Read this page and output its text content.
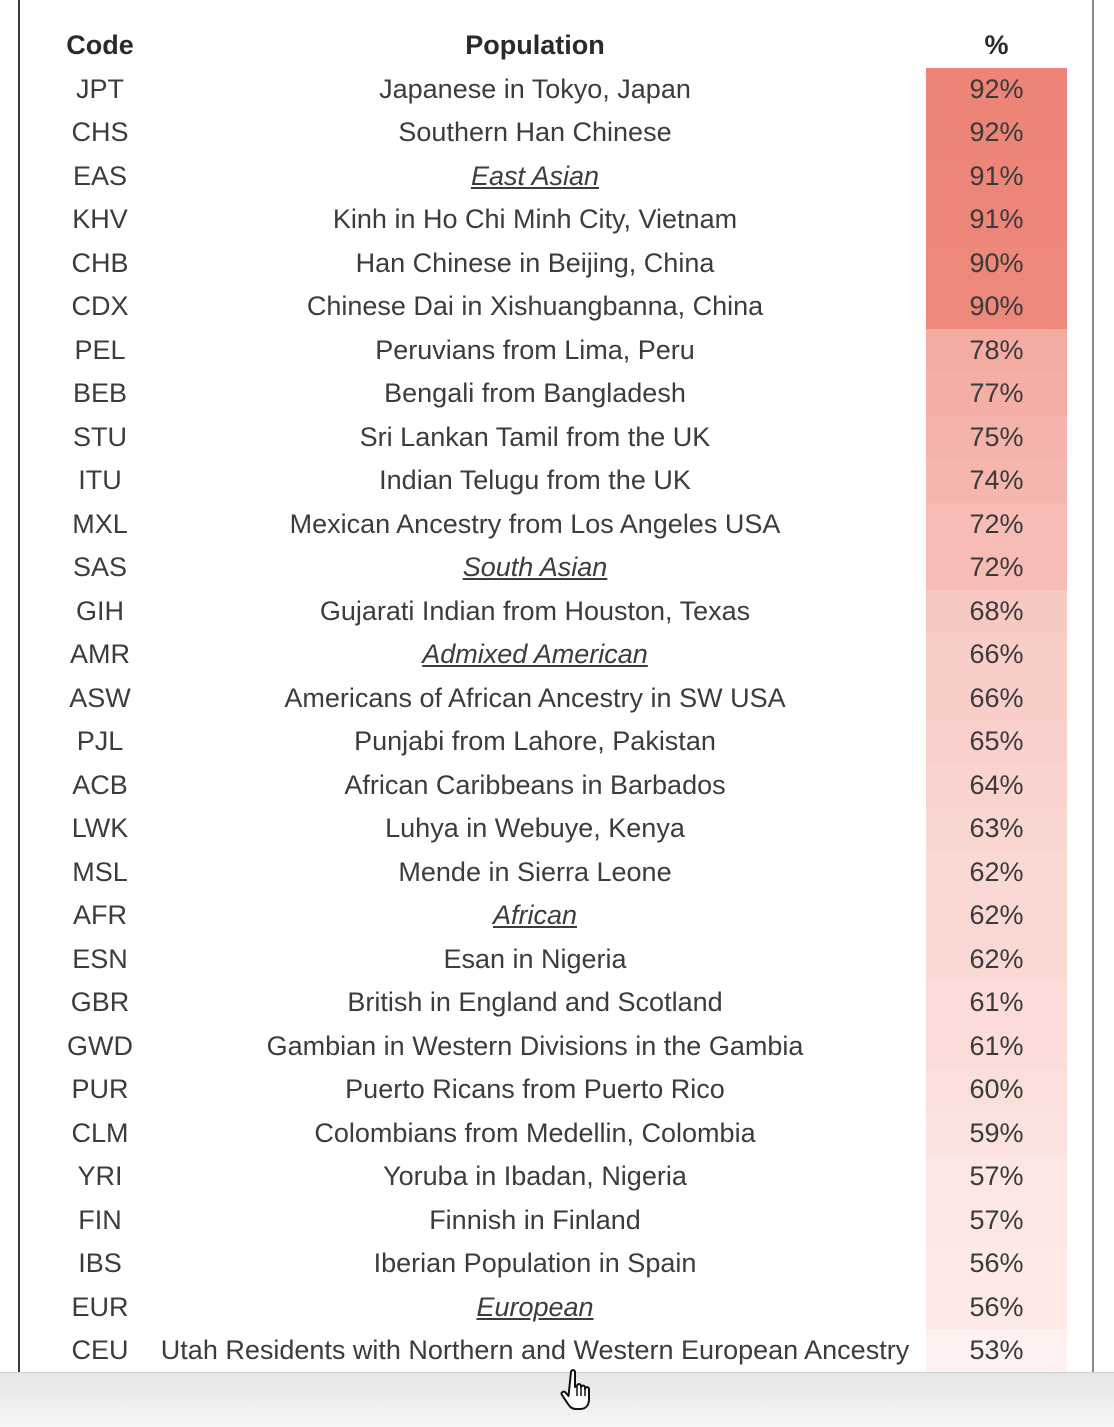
Code	Population	%
JPT	Japanese in Tokyo, Japan	92%
CHS	Southern Han Chinese	92%
EAS	East Asian	91%
KHV	Kinh in Ho Chi Minh City, Vietnam	91%
CHB	Han Chinese in Beijing, China	90%
CDX	Chinese Dai in Xishuangbanna, China	90%
PEL	Peruvians from Lima, Peru	78%
BEB	Bengali from Bangladesh	77%
STU	Sri Lankan Tamil from the UK	75%
ITU	Indian Telugu from the UK	74%
MXL	Mexican Ancestry from Los Angeles USA	72%
SAS	South Asian	72%
GIH	Gujarati Indian from Houston, Texas	68%
AMR	Admixed American	66%
ASW	Americans of African Ancestry in SW USA	66%
PJL	Punjabi from Lahore, Pakistan	65%
ACB	African Caribbeans in Barbados	64%
LWK	Luhya in Webuye, Kenya	63%
MSL	Mende in Sierra Leone	62%
AFR	African	62%
ESN	Esan in Nigeria	62%
GBR	British in England and Scotland	61%
GWD	Gambian in Western Divisions in the Gambia	61%
PUR	Puerto Ricans from Puerto Rico	60%
CLM	Colombians from Medellin, Colombia	59%
YRI	Yoruba in Ibadan, Nigeria	57%
FIN	Finnish in Finland	57%
IBS	Iberian Population in Spain	56%
EUR	European	56%
CEU	Utah Residents with Northern and Western European Ancestry	53%
